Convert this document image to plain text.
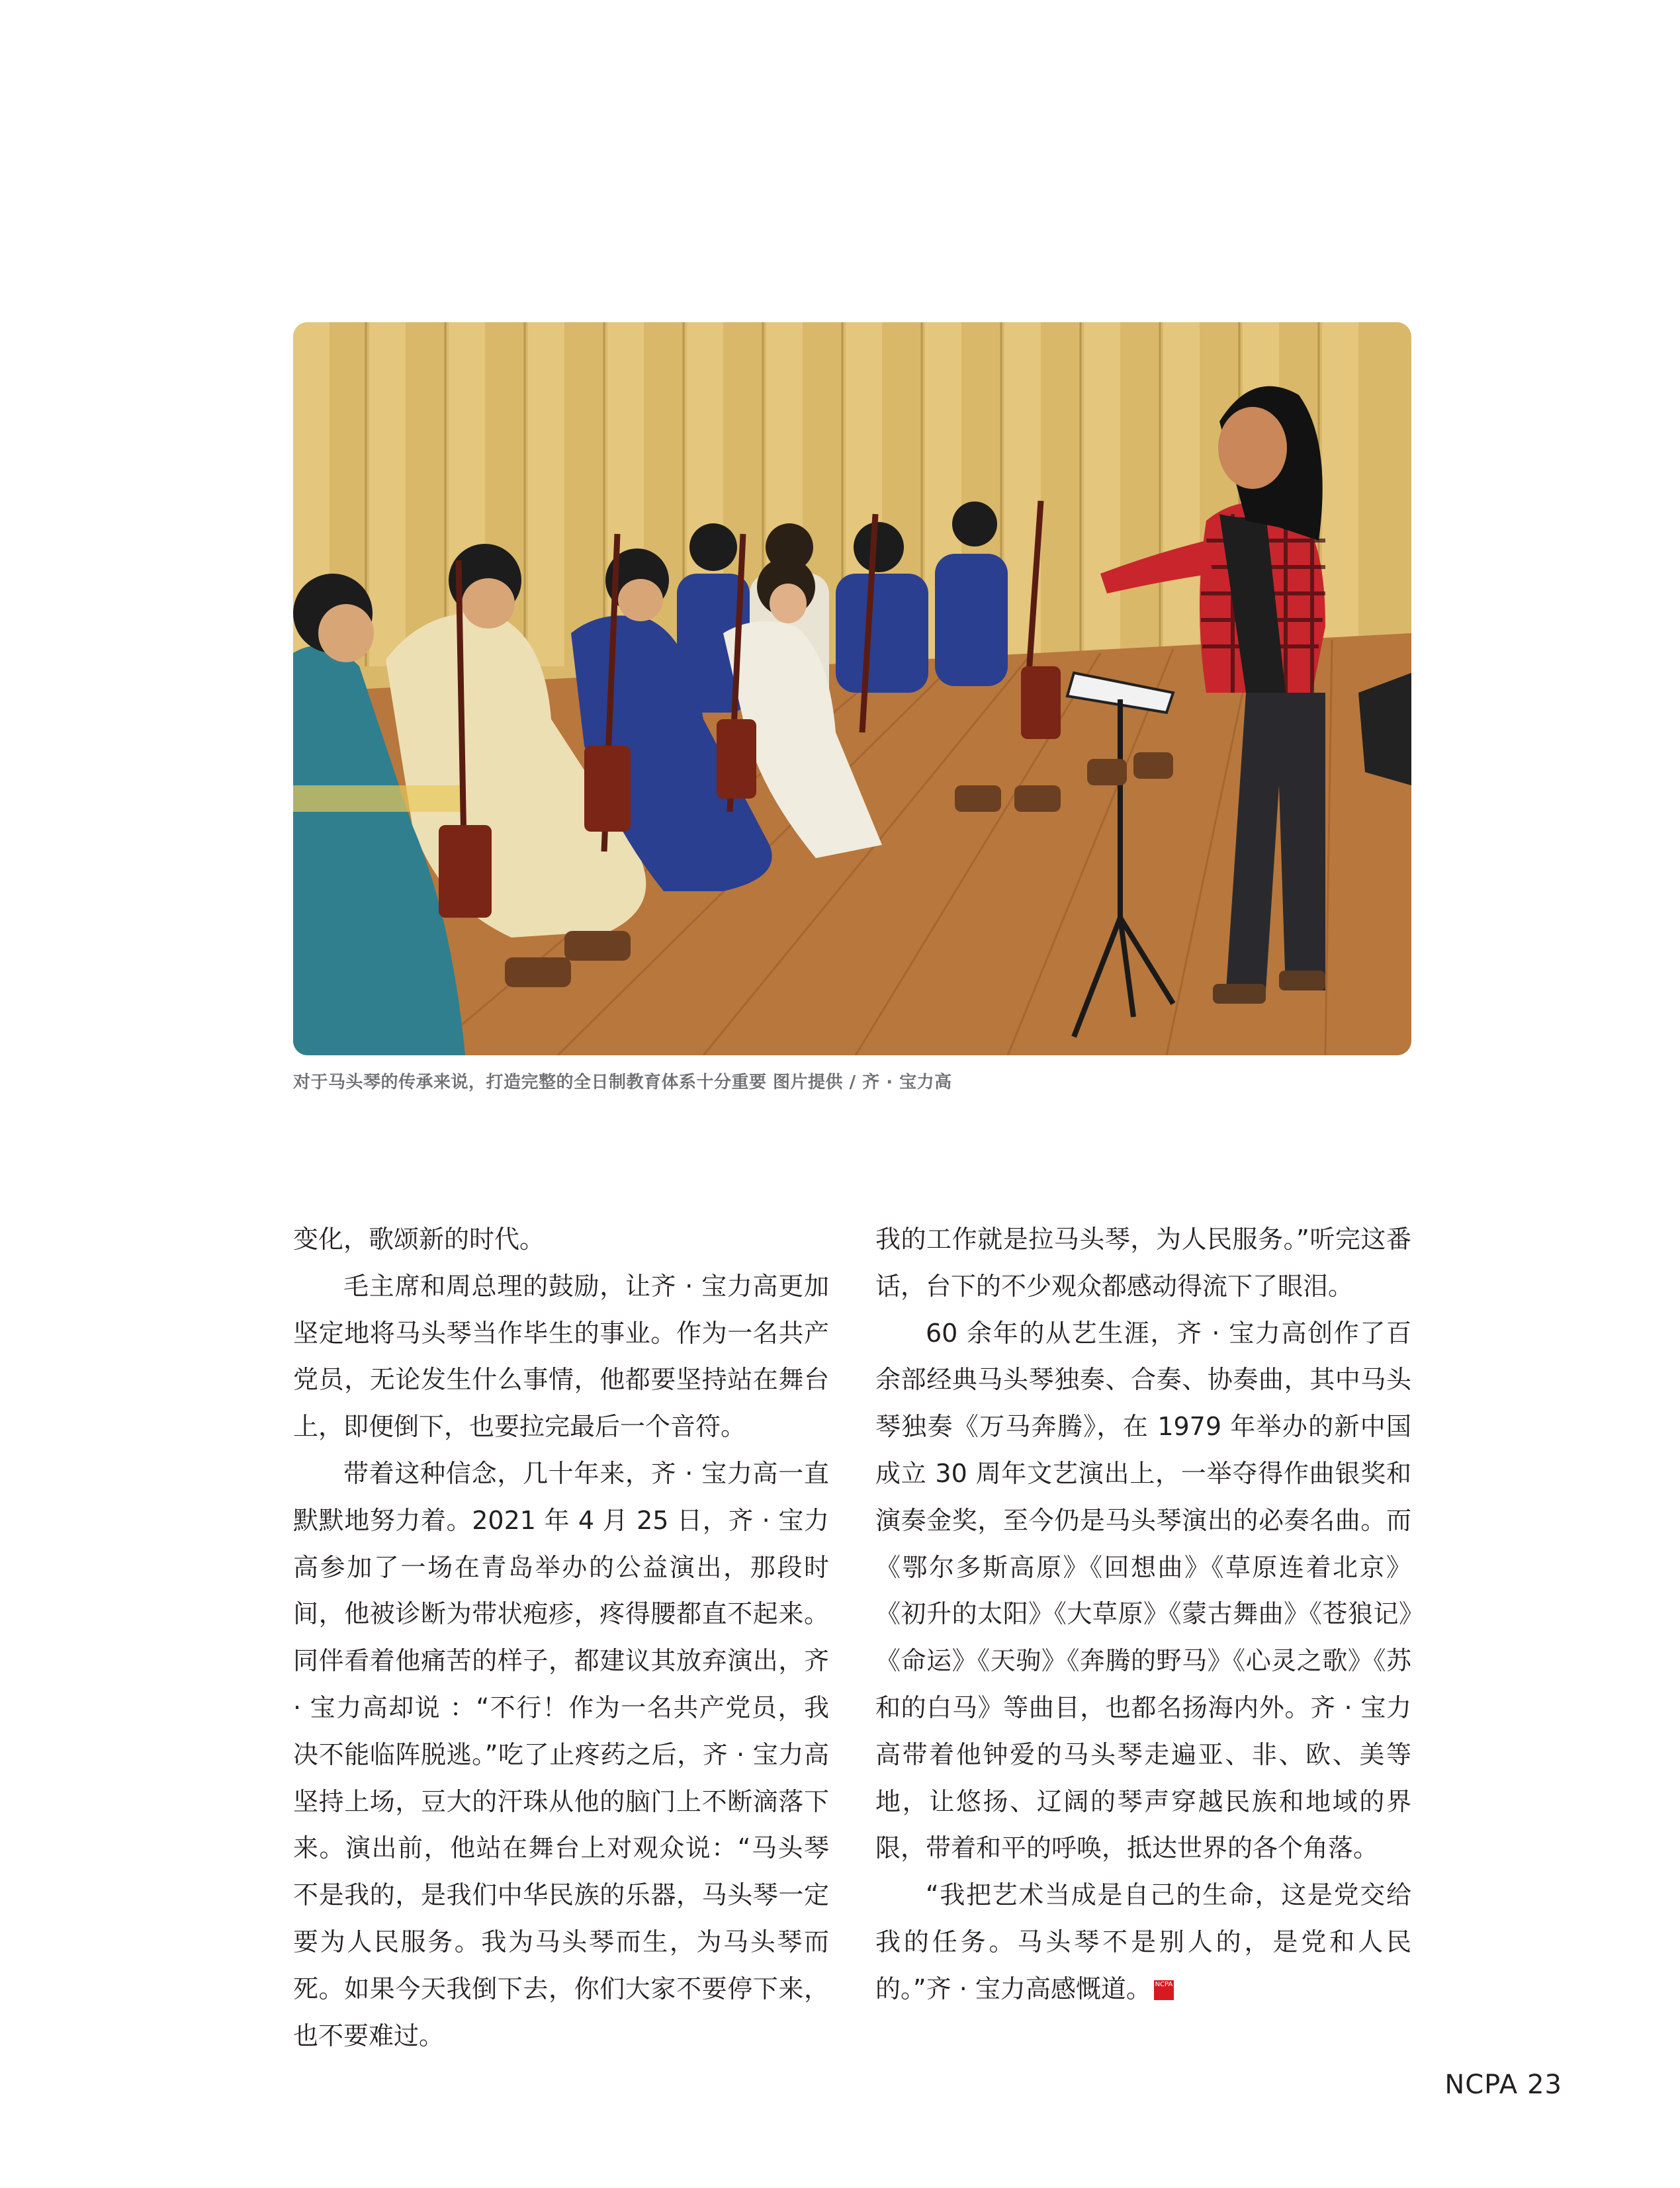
对于马头琴的传承来说，打造完整的全日制教育体系十分重要 图片提供 / 齐 · 宝力高

变化，歌颂新的时代。

毛主席和周总理的鼓励，让齐 · 宝力高更加坚定地将马头琴当作毕生的事业。作为一名共产党员，无论发生什么事情，他都要坚持站在舞台上，即便倒下，也要拉完最后一个音符。

带着这种信念，几十年来，齐 · 宝力高一直默默地努力着。2021 年 4 月 25 日，齐 · 宝力高参加了一场在青岛举办的公益演出，那段时间，他被诊断为带状疱疹，疼得腰都直不起来。同伴看着他痛苦的样子，都建议其放弃演出，齐 · 宝力高却说 ：“不行！作为一名共产党员，我决不能临阵脱逃。”吃了止疼药之后，齐 · 宝力高坚持上场，豆大的汗珠从他的脑门上不断滴落下来。演出前，他站在舞台上对观众说：“马头琴不是我的，是我们中华民族的乐器，马头琴一定要为人民服务。我为马头琴而生，为马头琴而死。如果今天我倒下去，你们大家不要停下来，也不要难过。

我的工作就是拉马头琴，为人民服务。”听完这番话，台下的不少观众都感动得流下了眼泪。

60 余年的从艺生涯，齐 · 宝力高创作了百余部经典马头琴独奏、合奏、协奏曲，其中马头琴独奏《万马奔腾》，在 1979 年举办的新中国成立 30 周年文艺演出上，一举夺得作曲银奖和演奏金奖，至今仍是马头琴演出的必奏名曲。而《鄂尔多斯高原》《回想曲》《草原连着北京》《初升的太阳》《大草原》《蒙古舞曲》《苍狼记》《命运》《天驹》《奔腾的野马》《心灵之歌》《苏和的白马》等曲目，也都名扬海内外。齐 · 宝力高带着他钟爱的马头琴走遍亚、非、欧、美等地，让悠扬、辽阔的琴声穿越民族和地域的界限，带着和平的呼唤，抵达世界的各个角落。

“我把艺术当成是自己的生命，这是党交给我的任务。马头琴不是别人的，是党和人民的。”齐 · 宝力高感慨道。 NCPA

NCPA 23
